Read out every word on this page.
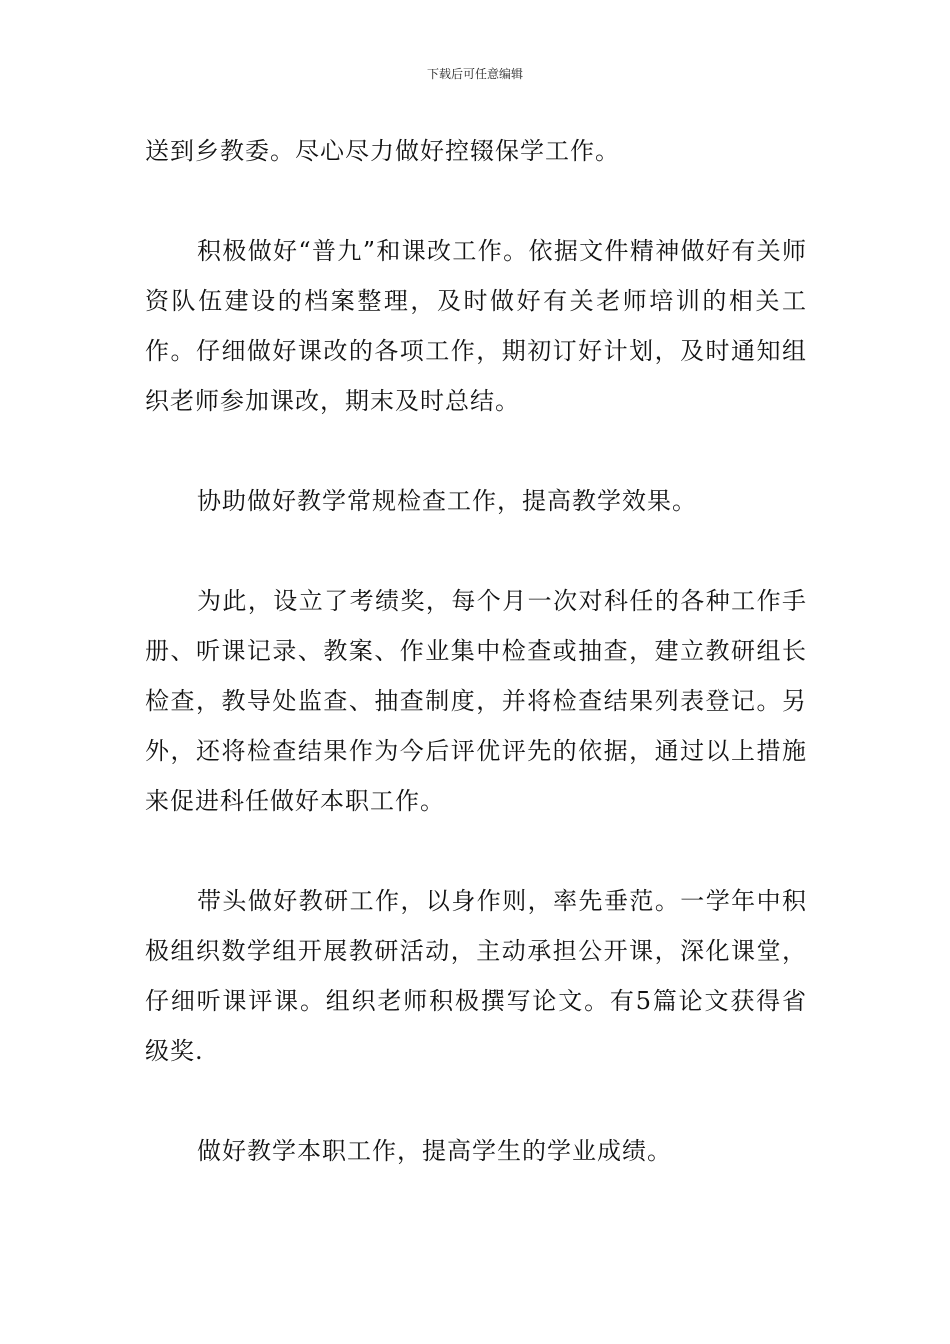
下载后可任意编辑

送到乡教委。尽心尽力做好控辍保学工作。

积极做好“普九”和课改工作。依据文件精神做好有关师资队伍建设的档案整理，及时做好有关老师培训的相关工作。仔细做好课改的各项工作，期初订好计划，及时通知组织老师参加课改，期末及时总结。

协助做好教学常规检查工作，提高教学效果。

为此，设立了考绩奖，每个月一次对科任的各种工作手册、听课记录、教案、作业集中检查或抽查，建立教研组长检查，教导处监查、抽查制度，并将检查结果列表登记。另外，还将检查结果作为今后评优评先的依据，通过以上措施来促进科任做好本职工作。

带头做好教研工作，以身作则，率先垂范。一学年中积极组织数学组开展教研活动，主动承担公开课，深化课堂，仔细听课评课。组织老师积极撰写论文。有5篇论文获得省级奖.

做好教学本职工作，提高学生的学业成绩。
